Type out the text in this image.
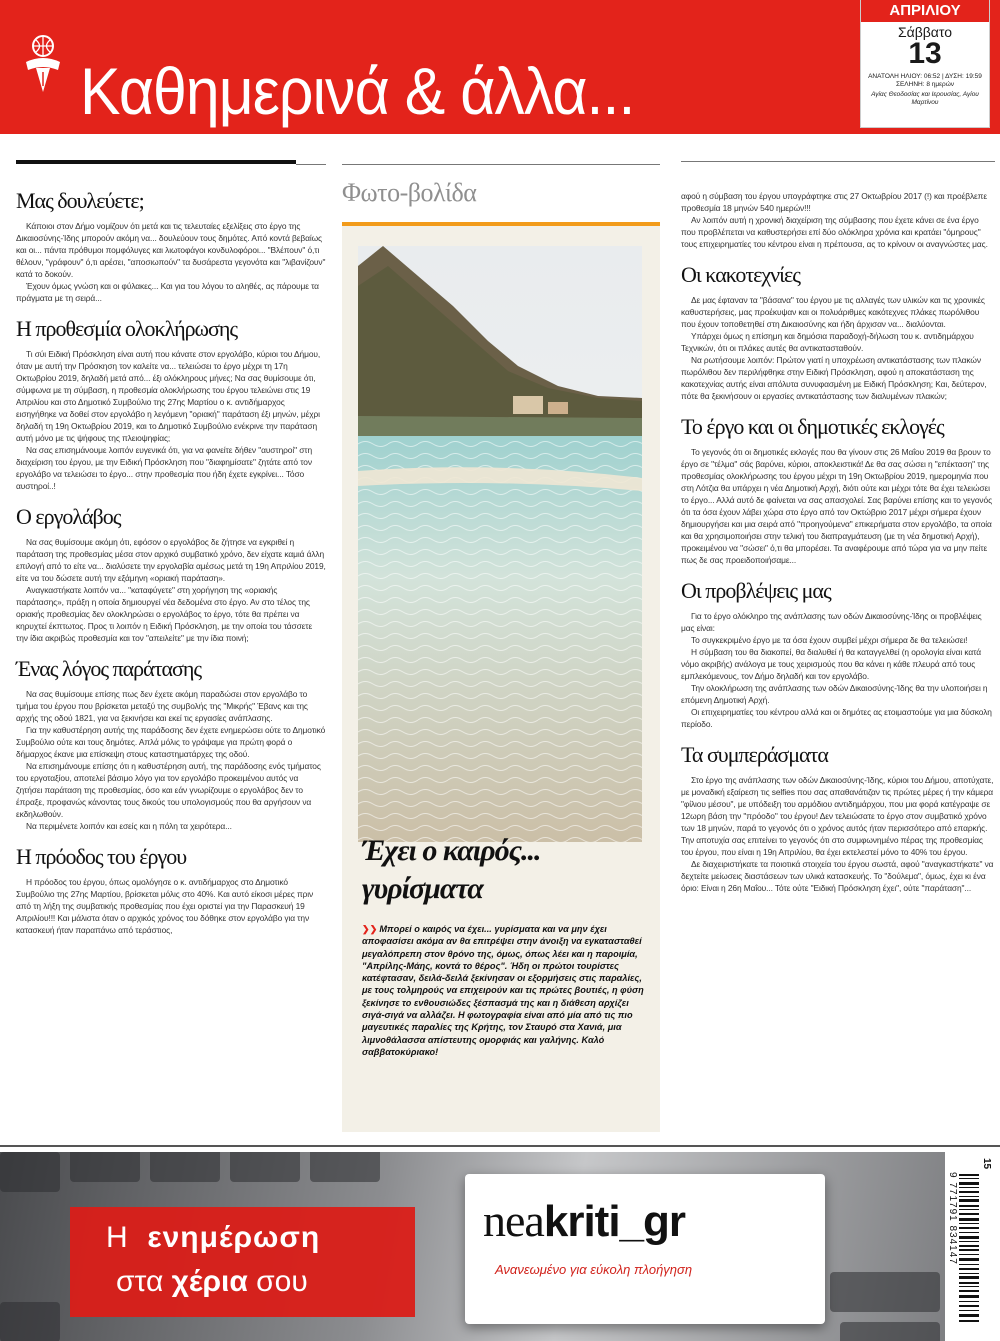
Καθημερινά & άλλα...
ΑΠΡΙΛΙΟΥ
Σάββατο
13
ΑΝΑΤΟΛΗ ΗΛΙΟΥ: 06:52 | ΔΥΣΗ: 19:59
ΣΕΛΗΝΗ: 8 ημερών
Αγίας Θεοδοσίας και Ιερουσίας, Αγίου Μαρτίνου
Μας δουλεύετε;

Κάποιοι στον Δήμο νομίζουν ότι μετά και τις τελευταίες εξελίξεις στο έργο της Δικαιοσύνης-Ίδης μπορούν ακόμη να... δουλεύουν τους δημότες. Από κοντά βεβαίως και οι... πάντα πρόθυμοι πομφόλυγες και λιωτοφάγοι κονδυλοφόροι... "Βλέπουν" ό,τι θέλουν, "γράφουν" ό,τι αρέσει, "αποσιωπούν" τα δυσάρεστα γεγονότα και "λιβανίζουν" κατά το δοκούν.

Έχουν όμως γνώση και οι φύλακες... Και για του λόγου το αληθές, ας πάρουμε τα πράγματα με τη σειρά...

Η προθεσμία ολοκλήρωσης

Τι σύι Ειδική Πρόσκληση είναι αυτή που κάνατε στον εργολάβο, κύριοι του Δήμου, όταν με αυτή την Πρόσκηση τον καλείτε να... τελειώσει το έργο μέχρι τη 17η Οκτωβρίου 2019, δηλαδή μετά από... έξι ολόκληρους μήνες; Να σας θυμίσουμε ότι, σύμφωνα με τη σύμβαση, η προθεσμία ολοκλήρωσης του έργου τελειώνει στις 19 Απριλίου και στο Δημοτικό Συμβούλιο της 27ης Μαρτίου ο κ. αντιδήμαρχος εισηγήθηκε να δοθεί στον εργολάβο η λεγόμενη "οριακή" παράταση έξι μηνών, μέχρι δηλαδή τη 19η Οκτωβρίου 2019, και το Δημοτικό Συμβούλιο ενέκρινε την παράταση αυτή μόνο με τις ψήφους της πλειοψηφίας;

Να σας επισημάνουμε λοιπόν ευγενικά ότι, για να φανείτε δήθεν "αυστηροί" στη διαχείριση του έργου, με την Ειδική Πρόσκληση που "διαφημίσατε" ζητάτε από τον εργολάβο να τελειώσει το έργο... στην προθεσμία που ήδη έχετε εγκρίνει... Τόσο αυστηροί..!

Ο εργολάβος

Να σας θυμίσουμε ακόμη ότι, εφόσον ο εργολάβος δε ζήτησε να εγκριθεί η παράταση της προθεσμίας μέσα στον αρχικό συμβατικό χρόνο, δεν είχατε καμιά άλλη επιλογή από το είτε να... διαλύσετε την εργολαβία αμέσως μετά τη 19η Απριλίου 2019, είτε να του δώσετε αυτή την εξάμηνη «οριακή παράταση».

Αναγκαστήκατε λοιπόν να... "καταφύγετε" στη χορήγηση της «οριακής παράτασης», πράξη η οποία δημιουργεί νέα δεδομένα στο έργο. Αν στο τέλος της οριακής προθεσμίας δεν ολοκληρώσει ο εργολάβος το έργο, τότε θα πρέπει να κηρυχτεί έκπτωτος. Προς τι λοιπόν η Ειδική Πρόσκληση, με την οποία του τάσσετε την ίδια ακριβώς προθεσμία και τον "απειλείτε" με την ίδια ποινή;

Ένας λόγος παράτασης

Να σας θυμίσουμε επίσης πως δεν έχετε ακόμη παραδώσει στον εργολάβο το τμήμα του έργου που βρίσκεται μεταξύ της συμβολής της "Μικρής" Έβανς και της αρχής της οδού 1821, για να ξεκινήσει και εκεί τις εργασίες ανάπλασης.

Για την καθυστέρηση αυτής της παράδοσης δεν έχετε ενημερώσει ούτε το Δημοτικό Συμβούλιο ούτε και τους δημότες. Απλά μόλις το γράψαμε για πρώτη φορά ο δήμαρχος έκανε μια επίσκεψη στους καταστηματάρχες της οδού.

Να επισημάνουμε επίσης ότι η καθυστέρηση αυτή, της παράδοσης ενός τμήματος του εργοταξίου, αποτελεί βάσιμο λόγο για τον εργολάβο προκειμένου αυτός να ζητήσει παράταση της προθεσμίας, όσο και εάν γνωρίζουμε ο εργολάβος δεν το έπραξε, προφανώς κάνοντας τους δικούς του υπολογισμούς που θα αργήσουν να εκδηλωθούν.

Να περιμένετε λοιπόν και εσείς και η πόλη τα χειρότερα...

Η πρόοδος του έργου

Η πρόοδος του έργου, όπως ομολόγησε ο κ. αντιδήμαρχος στο Δημοτικό Συμβούλιο της 27ης Μαρτίου, βρίσκεται μόλις στο 40%. Και αυτό είκοσι μέρες πριν από τη λήξη της συμβατικής προθεσμίας που έχει οριστεί για την Παρασκευή 19 Απριλίου!!! Και μάλιστα όταν ο αρχικός χρόνος του δόθηκε στον εργολάβο για την κατασκευή ήταν παραπάνω από τεράστιος,

Φωτο-βολίδα
Έχει ο καιρός...
γυρίσματα
❯❯ Μπορεί ο καιρός να έχει... γυρίσματα και να μην έχει αποφασίσει ακόμα αν θα επιτρέψει στην άνοιξη να εγκατασταθεί μεγαλόπρεπη στον θρόνο της, όμως, όπως λέει και η παροιμία, "Απρίλης-Μάης, κοντά το θέρος". Ήδη οι πρώτοι τουρίστες κατέφτασαν, δειλά-δειλά ξεκίνησαν οι εξορμήσεις στις παραλίες, με τους τολμηρούς να επιχειρούν και τις πρώτες βουτιές, η φύση ξεκίνησε το ενθουσιώδες ξέσπασμά της και η διάθεση αρχίζει σιγά-σιγά να αλλάζει. Η φωτογραφία είναι από μία από τις πιο μαγευτικές παραλίες της Κρήτης, τον Σταυρό στα Χανιά, μια λιμνοθάλασσα απίστευτης ομορφιάς και γαλήνης. Καλό σαββατοκύριακο!

αφού η σύμβαση του έργου υπογράφτηκε στις 27 Οκτωβρίου 2017 (!) και προέβλεπε προθεσμία 18 μηνών 540 ημερών!!!

Αν λοιπόν αυτή η χρονική διαχείριση της σύμβασης που έχετε κάνει σε ένα έργο που προβλέπεται να καθυστερήσει επί δύο ολόκληρα χρόνια και κρατάει "όμηρους" τους επιχειρηματίες του κέντρου είναι η πρέπουσα, ας το κρίνουν οι αναγνώστες μας.

Οι κακοτεχνίες

Δε μας έφταναν τα "βάσανα" του έργου με τις αλλαγές των υλικών και τις χρονικές καθυστερήσεις, μας προέκυψαν και οι πολυάριθμες κακότεχνες πλάκες πωρόλιθου που έχουν τοποθετηθεί στη Δικαιοσύνης και ήδη άρχισαν να... διαλύονται.

Υπάρχει όμως η επίσημη και δημόσια παραδοχή-δήλωση του κ. αντιδημάρχου Τεχνικών, ότι οι πλάκες αυτές θα αντικατασταθούν.

Να ρωτήσουμε λοιπόν: Πρώτον γιατί η υποχρέωση αντικατάστασης των πλακών πωρόλιθου δεν περιλήφθηκε στην Ειδική Πρόσκληση, αφού η αποκατάσταση της κακοτεχνίας αυτής είναι απόλυτα συνυφασμένη με Ειδική Πρόσκληση; Και, δεύτερον, πότε θα ξεκινήσουν οι εργασίες αντικατάστασης των διαλυμένων πλακών;

Το έργο και οι δημοτικές εκλογές

Το γεγονός ότι οι δημοτικές εκλογές που θα γίνουν στις 26 Μαΐου 2019 θα βρουν το έργο σε "τέλμα" σάς βαρύνει, κύριοι, αποκλειστικά! Δε θα σας σώσει η "επέκταση" της προθεσμίας ολοκλήρωσης του έργου μέχρι τη 19η Οκτωβρίου 2019, ημερομηνία που στη Λότζια θα υπάρχει η νέα Δημοτική Αρχή, διότι ούτε και μέχρι τότε θα έχει τελειώσει το έργο... Αλλά αυτό δε φαίνεται να σας απασχολεί. Σας βαρύνει επίσης και το γεγονός ότι τα όσα έχουν λάβει χώρα στο έργο από τον Οκτώβριο 2017 μέχρι σήμερα έχουν δημιουργήσει και μια σειρά από "προηγούμενα" επικερήματα στον εργολάβο, τα οποία και θα χρησιμοποιήσει στην τελική του διαπραγμάτευση (με τη νέα δημοτική Αρχή), προκειμένου να "σώσει" ό,τι θα μπορέσει. Τα αναφέρουμε από τώρα για να μην πείτε πως δε σας προειδοποιήσαμε...

Οι προβλέψεις μας

Για το έργο ολόκληρο της ανάπλασης των οδών Δικαιοσύνης-Ίδης οι προβλέψεις μας είναι:

Το συγκεκριμένο έργο με τα όσα έχουν συμβεί μέχρι σήμερα δε θα τελειώσει!

Η σύμβαση του θα διακοπεί, θα διαλυθεί ή θα καταγγελθεί (η ορολογία είναι κατά νόμο ακριβής) ανάλογα με τους χειρισμούς που θα κάνει η κάθε πλευρά από τους εμπλεκόμενους, τον Δήμο δηλαδή και τον εργολάβο.

Την ολοκλήρωση της ανάπλασης των οδών Δικαιοσύνης-Ίδης θα την υλοποιήσει η επόμενη Δημοτική Αρχή.

Οι επιχειρηματίες του κέντρου αλλά και οι δημότες ας ετοιμαστούμε για μια δύσκολη περίοδο.

Τα συμπεράσματα

Στο έργο της ανάπλασης των οδών Δικαιοσύνης-Ίδης, κύριοι του Δήμου, αποτύχατε, με μοναδική εξαίρεση τις selfies που σας απαθανάτιζαν τις πρώτες μέρες ή την κάμερα "φίλιου μέσου", με υπόδειξη του αρμόδιου αντιδημάρχου, που μια φορά κατέγραψε σε 12ωρη βάση την "πρόοδο" του έργου! Δεν τελειώσατε το έργο στον συμβατικό χρόνο των 18 μηνών, παρά το γεγονός ότι ο χρόνος αυτός ήταν περισσότερο από επαρκής. Την αποτυχία σας επιτείνει το γεγονός ότι στο συμφωνημένο πέρας της προθεσμίας του έργου, που είναι η 19η Απριλίου, θα έχει εκτελεστεί μόνο το 40% του έργου.

Δε διαχειριστήκατε τα ποιοτικά στοιχεία του έργου σωστά, αφού "αναγκαστήκατε" να δεχτείτε μείωσεις διαστάσεων των υλικά κατασκευής. Το "δούλεμα", όμως, έχει κι ένα όριο: Είναι η 26η Μαΐου... Τότε ούτε "Ειδική Πρόσκληση έχει", ούτε "παράταση"...

Η ενημέρωση
στα χέρια σου
neakriti_gr
Ανανεωμένο για εύκολη πλοήγηση
15
9 771791 834147
